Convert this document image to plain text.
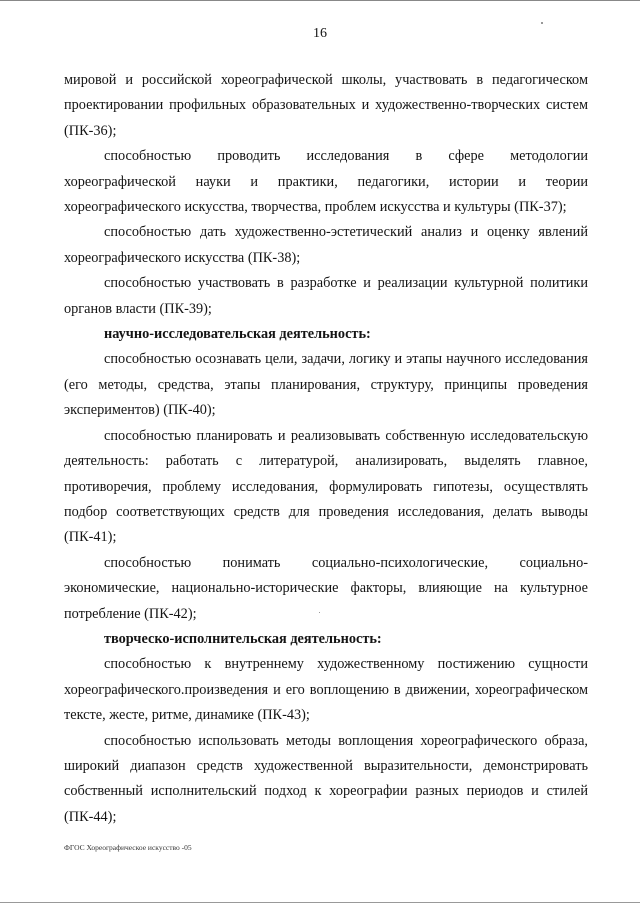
16

мировой и российской хореографической школы, участвовать в педагогическом проектировании профильных образовательных и художественно-творческих систем (ПК-36);

способностью проводить исследования в сфере методологии хореографической науки и практики, педагогики, истории и теории хореографического искусства, творчества, проблем искусства и культуры (ПК-37);

способностью дать художественно-эстетический анализ и оценку явлений хореографического искусства (ПК-38);

способностью участвовать в разработке и реализации культурной политики органов власти (ПК-39);

научно-исследовательская деятельность:

способностью осознавать цели, задачи, логику и этапы научного исследования (его методы, средства, этапы планирования, структуру, принципы проведения экспериментов) (ПК-40);

способностью планировать и реализовывать собственную исследовательскую деятельность: работать с литературой, анализировать, выделять главное, противоречия, проблему исследования, формулировать гипотезы, осуществлять подбор соответствующих средств для проведения исследования, делать выводы (ПК-41);

способностью понимать социально-психологические, социально-экономические, национально-исторические факторы, влияющие на культурное потребление (ПК-42);

творческо-исполнительская деятельность:

способностью к внутреннему художественному постижению сущности хореографического.произведения и его воплощению в движении, хореографическом тексте, жесте, ритме, динамике (ПК-43);

способностью использовать методы воплощения хореографического образа, широкий диапазон средств художественной выразительности, демонстрировать собственный исполнительский подход к хореографии разных периодов и стилей (ПК-44);

ФГОС Хореографическое искусство -05
